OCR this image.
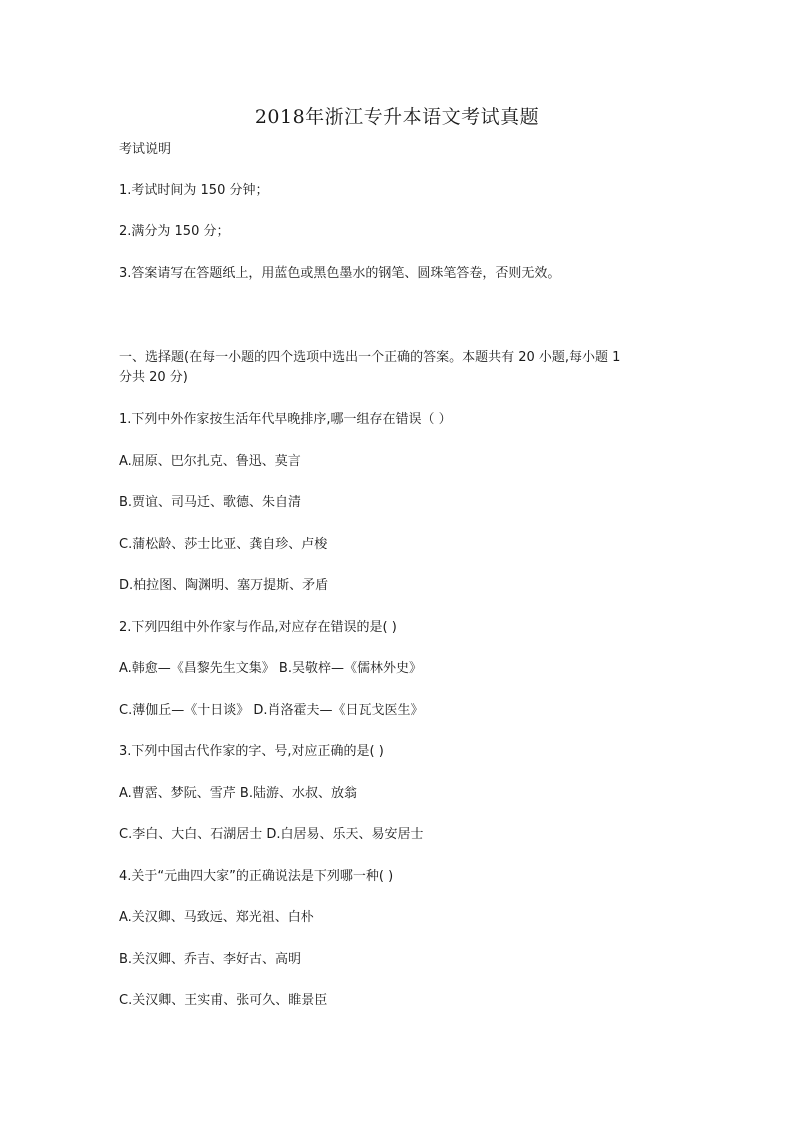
2018年浙江专升本语文考试真题
考试说明
1.考试时间为 150 分钟；
2.满分为 150 分；
3.答案请写在答题纸上，用蓝色或黑色墨水的钢笔、圆珠笔答卷，否则无效。
一、选择题(在每一小题的四个选项中选出一个正确的答案。本题共有 20 小题,每小题 1
分共 20 分)
1.下列中外作家按生活年代早晚排序,哪一组存在错误（ ）
A.屈原、巴尔扎克、鲁迅、莫言
B.贾谊、司马迁、歌德、朱自清
C.蒲松龄、莎士比亚、龚自珍、卢梭
D.柏拉图、陶渊明、塞万提斯、矛盾
2.下列四组中外作家与作品,对应存在错误的是( )
A.韩愈—《昌黎先生文集》 B.吴敬梓—《儒林外史》
C.薄伽丘—《十日谈》 D.肖洛霍夫—《日瓦戈医生》
3.下列中国古代作家的字、号,对应正确的是( )
A.曹霑、梦阮、雪芹 B.陆游、水叔、放翁
C.李白、大白、石湖居士 D.白居易、乐天、易安居士
4.关于“元曲四大家”的正确说法是下列哪一种( )
A.关汉卿、马致远、郑光祖、白朴
B.关汉卿、乔吉、李好古、高明
C.关汉卿、王实甫、张可久、睢景臣
